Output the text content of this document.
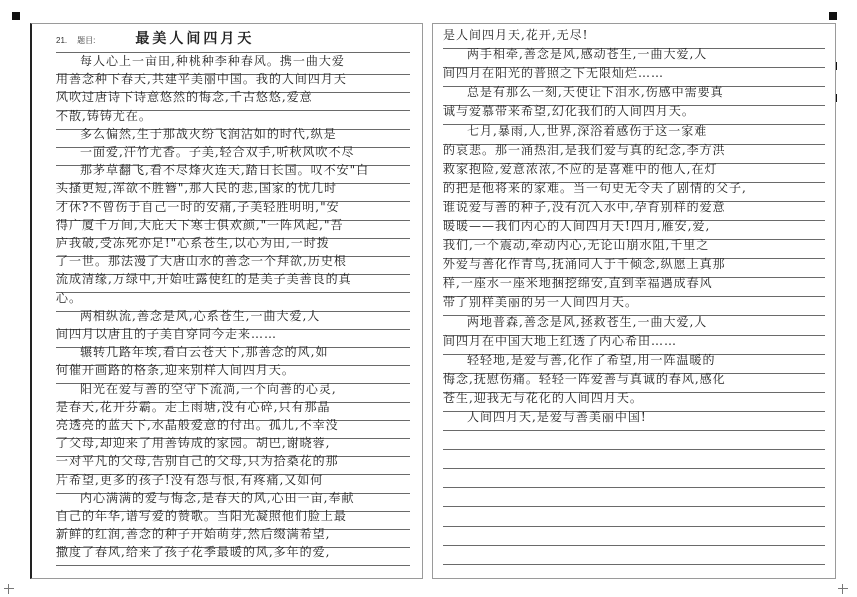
21. 题目:	最美人间四月天
每人心上一亩田,种桃种李种春风。携一曲大爱
用善念种下春天,共建平美丽中国。我的人间四月天
风吹过唐诗下诗意悠然的悔念,千古悠悠,爱意
不散,铸铸尤在。
多么偏然,生于那战火纷飞润沾如的时代,纵是
一面爱,汗竹尤香。子美,轻合双手,听秋风吹不尽
那茅草翻飞,看不尽烽火连天,踏日长国。叹不安"白
头搔更短,浑欲不胜簪",那人民的悲,国家的忧几时
才休?不曾伤于自己一时的安痛,子美轻胜明明,"安
得广厦千万间,大庇天下寒士俱欢颜,"一阵风起,"吾
庐我破,受冻死亦足!"心系苍生,以心为田,一时拨
了一世。那法漫了大唐山水的善念一个拜欲,历史根
流成清缘,万绿中,开始吐露使红的是美子美善良的真
心。
两相纵流,善念是风,心系苍生,一曲大爱,人
间四月以唐且的子美自穿同今走来……
辗转几路年埃,看白云苍天下,那善念的风,如
何催开画路的格条,迎来别样人间四月天。
阳光在爱与善的空守下流淌,一个向善的心灵,
是春天,花开芬霸。走上雨塘,没有心碎,只有那晶
亮透亮的蓝天下,水晶般爱意的付出。孤儿,不幸没
了父母,却迎来了用善铸成的家园。胡巴,谢晓蓉,
一对平凡的父母,告别自己的父母,只为拾桑花的那
片希望,更多的孩子!没有怨与恨,有疼痛,又如何
内心满满的爱与悔念,是春天的风,心田一亩,奉献
自己的年华,谱写爱的赞歌。当阳光凝照他们脸上最
新鲜的红润,善念的种子开始萌芽,然后缀满希望,
撒度了春风,给来了孩子花季最暖的风,多年的爱,
是人间四月天,花开,无尽!
两手相牵,善念是风,感动苍生,一曲大爱,人
间四月在阳光的普照之下无限灿烂……
总是有那么一刻,天使让下泪水,伤感中需要真
诚与爱慕带来希望,幻化我们的人间四月天。
七月,暴雨,人,世界,深浴着感伤于这一家难
的哀悲。那一涌热泪,是我们爱与真的纪念,李方洪
救家抱险,爱意浓浓,不应的是喜难中的他人,在灯
的把是他将来的家难。当一句史无令夫了剧情的父子,
谁说爱与善的种子,没有沉入水中,孕育别样的爱意
暖暖——我们内心的人间四月天!四月,雁安,爱,
我们,一个震动,牵动内心,无论山崩水阻,千里之
外爱与善化作青鸟,抚涌同人于千倾念,纵愿上真那
样,一座水一座米地捆挖绵安,直到幸福遇成春风
带了别样美丽的另一人间四月天。
两地普森,善念是风,拯救苍生,一曲大爱,人
间四月在中国大地上红透了内心希田……
轻轻地,是爱与善,化作了希望,用一阵温暖的
悔念,抚慰伤痛。轻轻一阵爱善与真诚的春风,感化
苍生,迎我无与花化的人间四月天。
人间四月天,是爱与善美丽中国!
